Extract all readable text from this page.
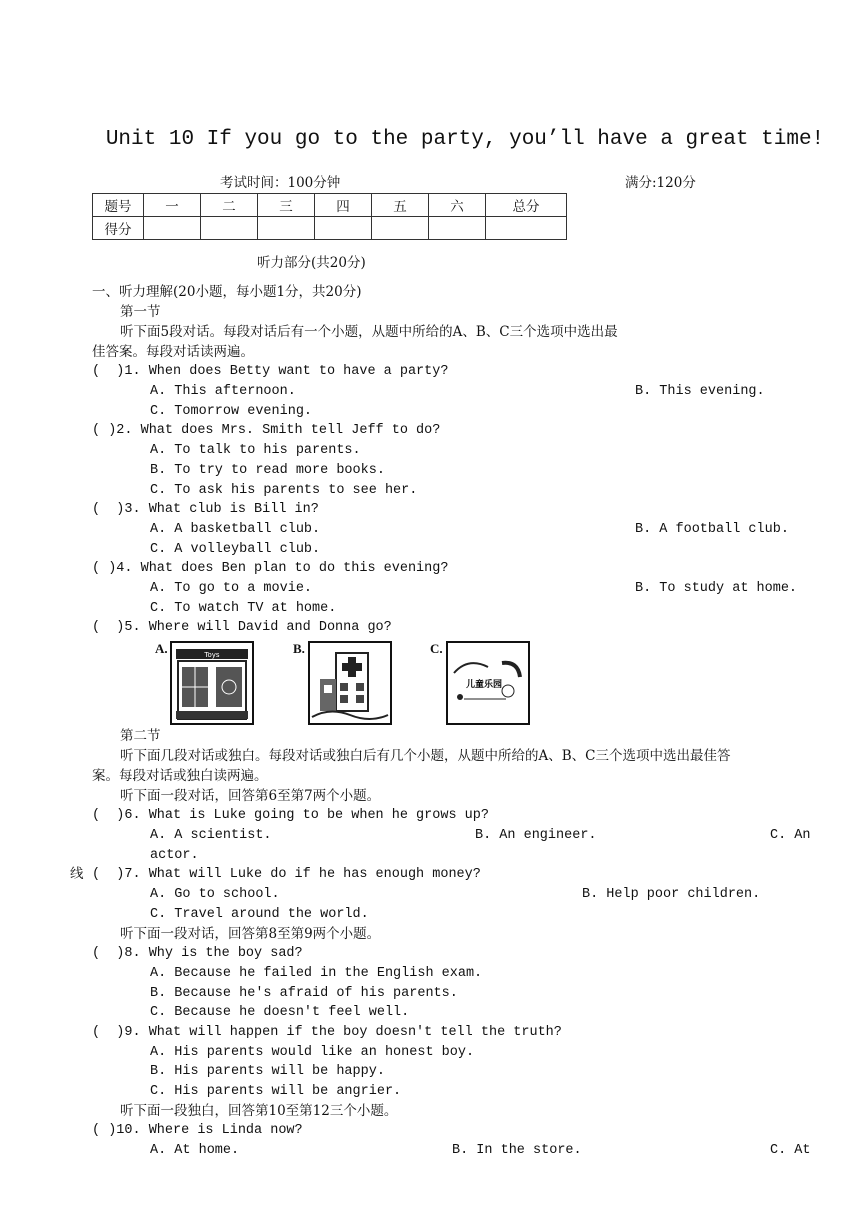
Unit 10 If you go to the party, you’ll have a great time!
考试时间：100分钟	满分:120分
题号	一	二	三	四	五	六	总分
得分							
听力部分(共20分)
一、听力理解(20小题，每小题1分，共20分)
第一节
听下面5段对话。每段对话后有一个小题，从题中所给的A、B、C三个选项中选出最
佳答案。每段对话读两遍。
(  )1. When does Betty want to have a party?
A. This afternoon.	B. This evening.
C. Tomorrow evening.
( )2. What does Mrs. Smith tell Jeff to do?
A. To talk to his parents.
B. To try to read more books.
C. To ask his parents to see her.
(  )3. What club is Bill in?
A. A basketball club.	B. A football club.
C. A volleyball club.
( )4. What does Ben plan to do this evening?
A. To go to a movie.	B. To study at home.
C. To watch TV at home.
(  )5. Where will David and Donna go?
A.	Toys	B.	C.
儿童乐园
第二节
听下面几段对话或独白。每段对话或独白后有几个小题，从题中所给的A、B、C三个选项中选出最佳答
案。每段对话或独白读两遍。
听下面一段对话，回答第6至第7两个小题。
(  )6. What is Luke going to be when he grows up?
A. A scientist.	B. An engineer.	C. An
actor.
线 (  )7. What will Luke do if he has enough money?
A. Go to school.	B. Help poor children.
C. Travel around the world.
听下面一段对话，回答第8至第9两个小题。
(  )8. Why is the boy sad?
A. Because he failed in the English exam.
B. Because he's afraid of his parents.
C. Because he doesn't feel well.
(  )9. What will happen if the boy doesn't tell the truth?
A. His parents would like an honest boy.
B. His parents will be happy.
C. His parents will be angrier.
听下面一段独白，回答第10至第12三个小题。
( )10. Where is Linda now?
A. At home.	B. In the store.	C. At
